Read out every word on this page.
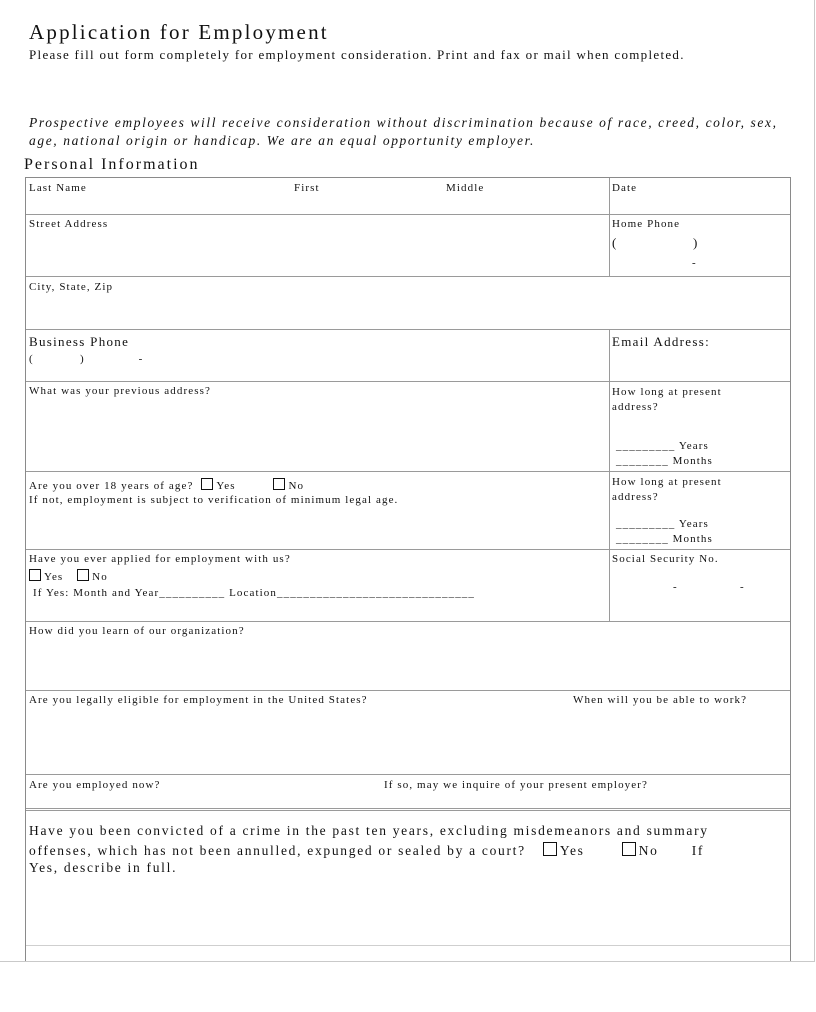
Application for Employment
Please fill out form completely for employment consideration. Print and fax or mail when completed.
Prospective employees will receive consideration without discrimination because of race, creed, color, sex, age, national origin or handicap. We are an equal opportunity employer.
Personal Information
Last Name	First	Middle	Date
Street Address	Home Phone
(	)
-
City, State, Zip
Business Phone
(            )              -
Email Address:
What was your previous address?	How long at present address?
_________ Years
________ Months
Are you over 18 years of age? Yes	No
If not, employment is subject to verification of minimum legal age.
How long at present address?
_________ Years
________ Months
Have you ever applied for employment with us?
Yes	No
If Yes: Month and Year__________ Location______________________________
Social Security No.
-	-
How did you learn of our organization?
Are you legally eligible for employment in the United States?	When will you be able to work?
Are you employed now?	If so, may we inquire of your present employer?
Have you been convicted of a crime in the past ten years, excluding misdemeanors and summary
offenses, which has not been annulled, expunged or sealed by a court?	Yes	No If
Yes, describe in full.
